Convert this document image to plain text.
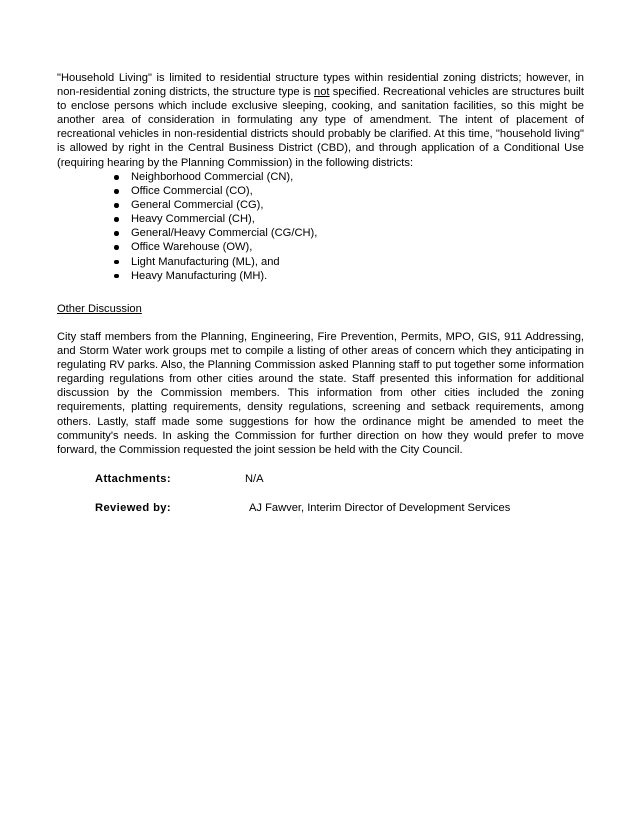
"Household Living" is limited to residential structure types within residential zoning districts; however, in non-residential zoning districts, the structure type is not specified. Recreational vehicles are structures built to enclose persons which include exclusive sleeping, cooking, and sanitation facilities, so this might be another area of consideration in formulating any type of amendment. The intent of placement of recreational vehicles in non-residential districts should probably be clarified. At this time, "household living" is allowed by right in the Central Business District (CBD), and through application of a Conditional Use (requiring hearing by the Planning Commission) in the following districts:

Neighborhood Commercial (CN),
Office Commercial (CO),
General Commercial (CG),
Heavy Commercial (CH),
General/Heavy Commercial (CG/CH),
Office Warehouse (OW),
Light Manufacturing (ML), and
Heavy Manufacturing (MH).
Other Discussion

City staff members from the Planning, Engineering, Fire Prevention, Permits, MPO, GIS, 911 Addressing, and Storm Water work groups met to compile a listing of other areas of concern which they anticipating in regulating RV parks. Also, the Planning Commission asked Planning staff to put together some information regarding regulations from other cities around the state. Staff presented this information for additional discussion by the Commission members. This information from other cities included the zoning requirements, platting requirements, density regulations, screening and setback requirements, among others. Lastly, staff made some suggestions for how the ordinance might be amended to meet the community's needs. In asking the Commission for further direction on how they would prefer to move forward, the Commission requested the joint session be held with the City Council.

Attachments:	N/A
Reviewed by:	AJ Fawver, Interim Director of Development Services
